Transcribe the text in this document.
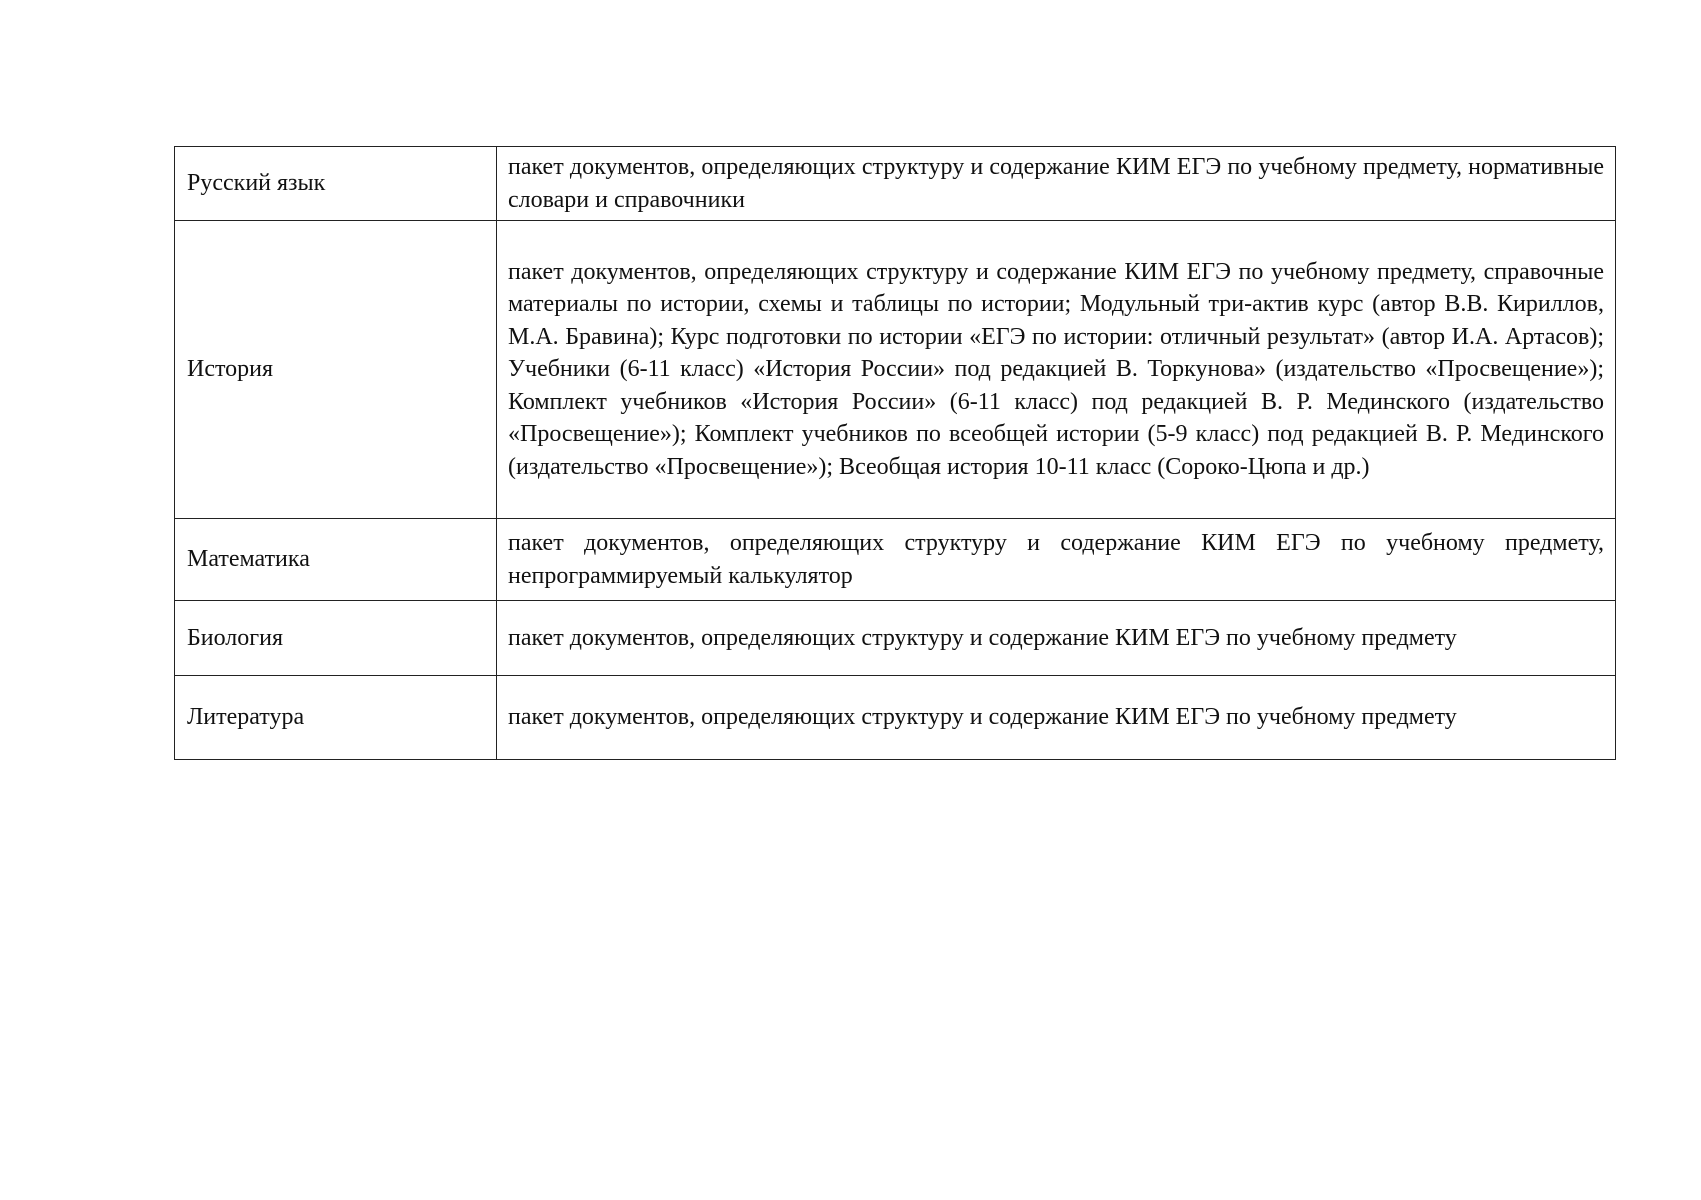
Русский язык	пакет документов, определяющих структуру и содержание КИМ ЕГЭ по учебному предмету, нормативные словари и справочники
История	пакет документов, определяющих структуру и содержание КИМ ЕГЭ по учебному предмету, справочные материалы по истории, схемы и таблицы по истории; Модульный три-актив курс (автор В.В. Кириллов, М.А. Бравина); Курс подготовки по истории «ЕГЭ по истории: отличный результат» (автор И.А. Артасов); Учебники (6-11 класс) «История России» под редакцией В. Торкунова» (издательство «Просвещение»); Комплект учебников «История России» (6-11 класс) под редакцией В. Р. Мединского (издательство «Просвещение»); Комплект учебников по всеобщей истории (5-9 класс) под редакцией В. Р. Мединского (издательство «Просвещение»); Всеобщая история 10-11 класс (Сороко-Цюпа и др.)
Математика	пакет документов, определяющих структуру и содержание КИМ ЕГЭ по учебному предмету, непрограммируемый калькулятор
Биология	пакет документов, определяющих структуру и содержание КИМ ЕГЭ по учебному предмету
Литература	пакет документов, определяющих структуру и содержание КИМ ЕГЭ по учебному предмету
